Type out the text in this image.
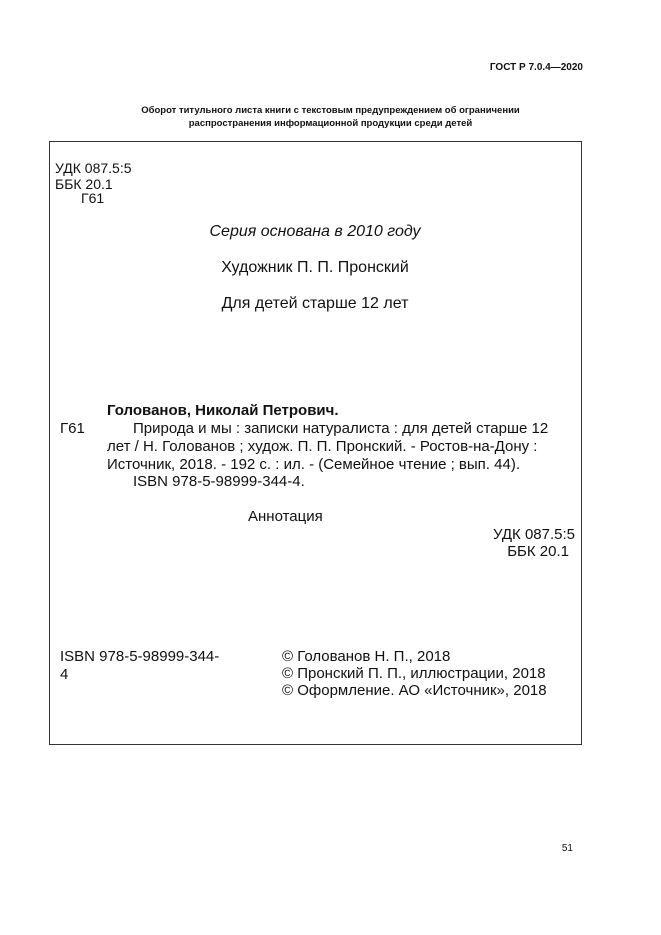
ГОСТ Р 7.0.4—2020
Оборот титульного листа книги с текстовым предупреждением об ограничении
распространения информационной продукции среди детей
УДК 087.5:5
ББК 20.1
Г61
Серия основана в 2010 году
Художник П. П. Пронский
Для детей старше 12 лет
Голованов, Николай Петрович.
Г61	Природа и мы : записки натуралиста : для детей старше 12
лет / Н. Голованов ; худож. П. П. Пронский. - Ростов-на-Дону :
Источник, 2018. - 192 с. : ил. - (Семейное чтение ; вып. 44).
ISBN 978-5-98999-344-4.
Аннотация
УДК 087.5:5
ББК 20.1
ISBN 978-5-98999-344-
4
© Голованов Н. П., 2018
© Пронский П. П., иллюстрации, 2018
© Оформление. АО «Источник», 2018
51
